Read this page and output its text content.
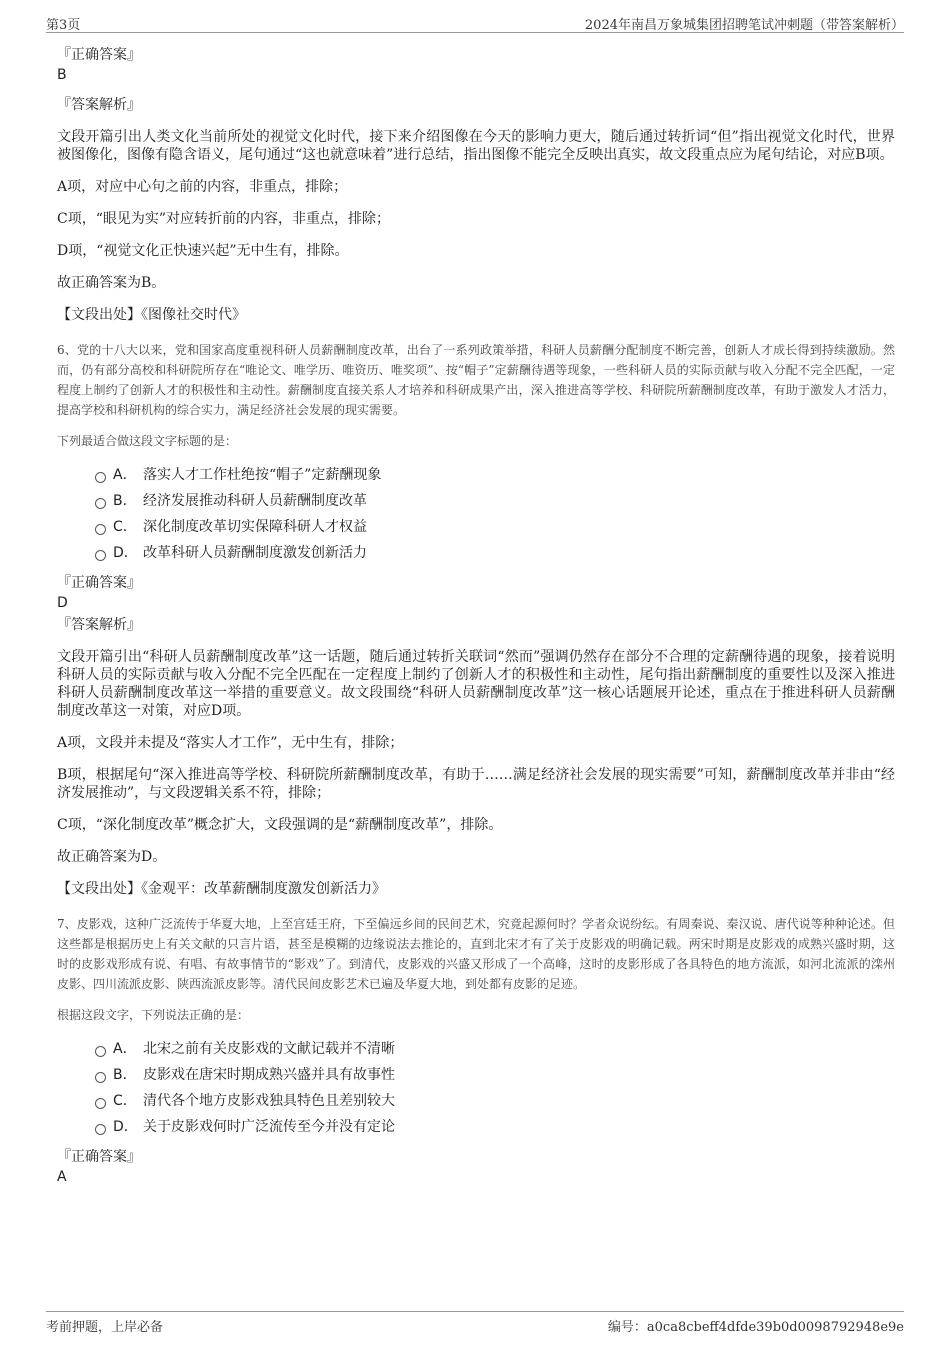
第3页	2024年南昌万象城集团招聘笔试冲刺题（带答案解析）

『正确答案』

B

『答案解析』

文段开篇引出人类文化当前所处的视觉文化时代，接下来介绍图像在今天的影响力更大，随后通过转折词“但”指出视觉文化时代，世界被图像化，图像有隐含语义，尾句通过“这也就意味着”进行总结，指出图像不能完全反映出真实，故文段重点应为尾句结论，对应B项。

A项，对应中心句之前的内容，非重点，排除；

C项，“眼见为实”对应转折前的内容，非重点，排除；

D项，“视觉文化正快速兴起”无中生有，排除。

故正确答案为B。

【文段出处】《图像社交时代》

6、党的十八大以来，党和国家高度重视科研人员薪酬制度改革，出台了一系列政策举措，科研人员薪酬分配制度不断完善，创新人才成长得到持续激励。然而，仍有部分高校和科研院所存在“唯论文、唯学历、唯资历、唯奖项”、按“帽子”定薪酬待遇等现象，一些科研人员的实际贡献与收入分配不完全匹配，一定程度上制约了创新人才的积极性和主动性。薪酬制度直接关系人才培养和科研成果产出，深入推进高等学校、科研院所薪酬制度改革，有助于激发人才活力，提高学校和科研机构的综合实力，满足经济社会发展的现实需要。

下列最适合做这段文字标题的是：

A． 落实人才工作杜绝按“帽子”定薪酬现象
B． 经济发展推动科研人员薪酬制度改革
C． 深化制度改革切实保障科研人才权益
D． 改革科研人员薪酬制度激发创新活力

『正确答案』

D

『答案解析』

文段开篇引出“科研人员薪酬制度改革”这一话题，随后通过转折关联词“然而”强调仍然存在部分不合理的定薪酬待遇的现象，接着说明科研人员的实际贡献与收入分配不完全匹配在一定程度上制约了创新人才的积极性和主动性，尾句指出薪酬制度的重要性以及深入推进科研人员薪酬制度改革这一举措的重要意义。故文段围绕“科研人员薪酬制度改革”这一核心话题展开论述，重点在于推进科研人员薪酬制度改革这一对策，对应D项。

A项，文段并未提及“落实人才工作”，无中生有，排除；

B项，根据尾句“深入推进高等学校、科研院所薪酬制度改革，有助于……满足经济社会发展的现实需要”可知，薪酬制度改革并非由“经济发展推动”，与文段逻辑关系不符，排除；

C项，“深化制度改革”概念扩大，文段强调的是“薪酬制度改革”，排除。

故正确答案为D。

【文段出处】《金观平：改革薪酬制度激发创新活力》

7、皮影戏，这种广泛流传于华夏大地，上至宫廷王府，下至偏远乡间的民间艺术，究竟起源何时？学者众说纷纭。有周秦说、秦汉说、唐代说等种种论述。但这些都是根据历史上有关文献的只言片语，甚至是模糊的边缘说法去推论的，直到北宋才有了关于皮影戏的明确记载。两宋时期是皮影戏的成熟兴盛时期，这时的皮影戏形成有说、有唱、有故事情节的“影戏”了。到清代，皮影戏的兴盛又形成了一个高峰，这时的皮影形成了各具特色的地方流派，如河北流派的滦州皮影、四川流派皮影、陕西流派皮影等。清代民间皮影艺术已遍及华夏大地，到处都有皮影的足迹。

根据这段文字，下列说法正确的是：

A． 北宋之前有关皮影戏的文献记载并不清晰
B． 皮影戏在唐宋时期成熟兴盛并具有故事性
C． 清代各个地方皮影戏独具特色且差别较大
D． 关于皮影戏何时广泛流传至今并没有定论

『正确答案』

A

考前押题，上岸必备	编号：a0ca8cbeff4dfde39b0d0098792948e9e
